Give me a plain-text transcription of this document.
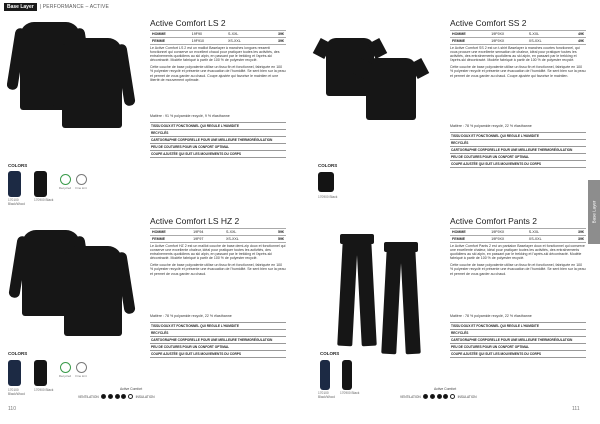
Base Layer	| PERFORMANCE – ACTIVE
Base Layer
COLORS
170100 Black/Wood
170900 Black
Recycled	Fine knit
Active Comfort LS 2
HOMME	19F90	S-XXL	39€
FEMME	19F910	XS-XXL	39€

Le Active Comfort LS 2 est un maillot Baselayer à manches longues ressenti fonctionnel qui conserve un excellent chaud pour pratiquer toutes les activités, des entraînements quotidiens au ski alpin, en passant par le trekking et l'après-ski décontracté. Modèle fabriqué à partir de 100 % de polyester recyclé.

Cette couche de base polyvalente utilise un tissu fin et fonctionnel, fabriquée en 100 % polyester recyclé et présente une évacuation de l'humidité. Se sent bien sur la peau et permet de vous garder au chaud. Coupe ajustée qui favorise le maintien et une liberté de mouvement optimale.

Matière : 91 % polyamide recyclé, 9 % élasthanne
TISSU DOUX ET FONCTIONNEL QUI REGULE L'HUMIDITE
RECYCLÉS
CARTOGRAPHIE CORPORELLE POUR UNE MEILLEURE THERMORÉGULATION
PEU DE COUTURES POUR UN CONFORT OPTIMAL
COUPE AJUSTÉE QUI SUIT LES MOUVEMENTS DU CORPS
COLORS
170900 Black
Active Comfort SS 2
HOMME	19F9XX	S-XXL	49€
FEMME	19F9XX	XS-XXL	49€

Le Active Comfort SS 2 est un t-shirt Baselayer à manches courtes fonctionnel, qui vous procure une excellente sensation de chaleur, idéal pour pratiquer toutes les activités, des entraînements quotidiens au ski alpin, en passant par le trekking et l'après-ski décontracté. Modèle fabriqué à partir de 100 % de polyester recyclé.

Cette couche de base polyvalente utilise un tissu fin et fonctionnel, fabriquée en 100 % polyester recyclé et présente une évacuation de l'humidité. Se sent bien sur la peau et permet de vous garder au chaud. Coupe ajustée qui favorise le maintien.

Matière : 78 % polyamide recyclé, 22 % élasthanne
TISSU DOUX ET FONCTIONNEL QUI REGULE L'HUMIDITE
RECYCLÉS
CARTOGRAPHIE CORPORELLE POUR UNE MEILLEURE THERMORÉGULATION
PEU DE COUTURES POUR UN CONFORT OPTIMAL
COUPE AJUSTÉE QUI SUIT LES MOUVEMENTS DU CORPS
COLORS
170100 Black/Wood
170900 Black
Recycled	Fine knit
Active Comfort LS HZ 2
HOMME	19F94	S-XXL	59€
FEMME	19F97	XS-XXL	59€

Le Active Comfort HZ 2 est un maillot couche de base demi-zip doux et fonctionnel qui conserve une excellente chaleur, idéal pour pratiquer toutes les activités, des entraînements quotidiens au ski alpin, en passant par le trekking et l'après-ski décontracté. Modèle fabriqué à partir de 100 % de polyester recyclé.

Cette couche de base polyvalente utilise un tissu fin et fonctionnel, fabriquée en 100 % polyester recyclé et présente une évacuation de l'humidité. Se sent bien sur la peau et permet de vous garder au chaud.

Matière : 78 % polyamide recyclé, 22 % élasthanne
TISSU DOUX ET FONCTIONNEL QUI REGULE L'HUMIDITE
RECYCLÉS
CARTOGRAPHIE CORPORELLE POUR UNE MEILLEURE THERMORÉGULATION
PEU DE COUTURES POUR UN CONFORT OPTIMAL
COUPE AJUSTÉE QUI SUIT LES MOUVEMENTS DU CORPS	COLORS
170100 Black/Wood
170900 Black
Active Comfort Pants 2
HOMME	19F9XX	S-XXL	39€
FEMME	19F9XX	XS-XXL	39€

Le Active Comfort Pants 2 est un pantalon Baselayer doux et fonctionnel qui conserve une excellente chaleur, idéal pour pratiquer toutes les activités, des entraînements quotidiens au ski alpin, en passant par le trekking et l'après-ski décontracté. Modèle fabriqué à partir de 100 % de polyester recyclé.

Cette couche de base polyvalente utilise un tissu fin et fonctionnel, fabriquée en 100 % polyester recyclé et présente une évacuation de l'humidité. Se sent bien sur la peau et permet de vous garder au chaud.

Matière : 78 % polyamide recyclé, 22 % élasthanne
TISSU DOUX ET FONCTIONNEL QUI REGULE L'HUMIDITE
RECYCLÉS
CARTOGRAPHIE CORPORELLE POUR UNE MEILLEURE THERMORÉGULATION
PEU DE COUTURES POUR UN CONFORT OPTIMAL
COUPE AJUSTÉE QUI SUIT LES MOUVEMENTS DU CORPS
Active Comfort
VENTILATION	INSULATION
Active Comfort
VENTILATION	INSULATION
110	111
